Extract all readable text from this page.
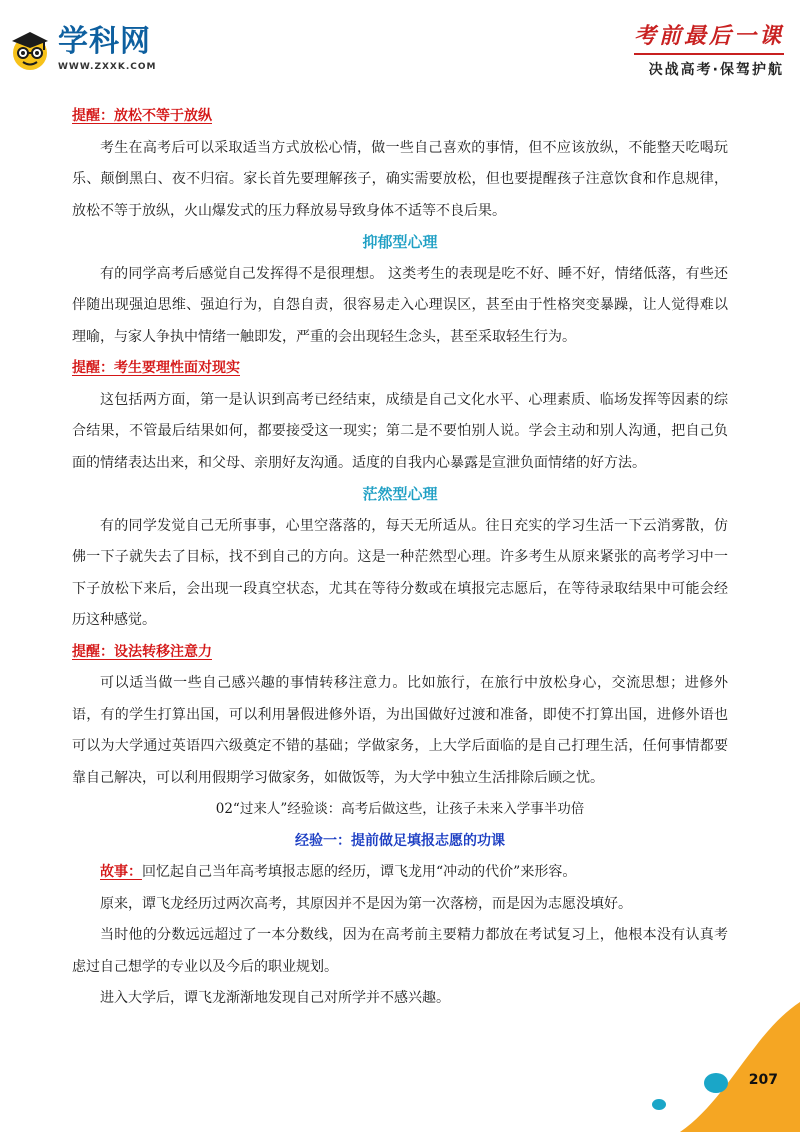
学科网
WWW.ZXXK.COM
考前最后一课
决战高考·保驾护航

提醒：放松不等于放纵

考生在高考后可以采取适当方式放松心情，做一些自己喜欢的事情，但不应该放纵，不能整天吃喝玩乐、颠倒黑白、夜不归宿。家长首先要理解孩子，确实需要放松，但也要提醒孩子注意饮食和作息规律，放松不等于放纵，火山爆发式的压力释放易导致身体不适等不良后果。

抑郁型心理

有的同学高考后感觉自己发挥得不是很理想。 这类考生的表现是吃不好、睡不好，情绪低落，有些还伴随出现强迫思维、强迫行为，自怨自责，很容易走入心理误区，甚至由于性格突变暴躁，让人觉得难以理喻，与家人争执中情绪一触即发，严重的会出现轻生念头，甚至采取轻生行为。

提醒：考生要理性面对现实

这包括两方面，第一是认识到高考已经结束，成绩是自己文化水平、心理素质、临场发挥等因素的综合结果，不管最后结果如何，都要接受这一现实；第二是不要怕别人说。学会主动和别人沟通，把自己负面的情绪表达出来，和父母、亲朋好友沟通。适度的自我内心暴露是宣泄负面情绪的好方法。

茫然型心理

有的同学发觉自己无所事事，心里空落落的，每天无所适从。往日充实的学习生活一下云消雾散，仿佛一下子就失去了目标，找不到自己的方向。这是一种茫然型心理。许多考生从原来紧张的高考学习中一下子放松下来后，会出现一段真空状态，尤其在等待分数或在填报完志愿后，在等待录取结果中可能会经历这种感觉。

提醒：设法转移注意力

可以适当做一些自己感兴趣的事情转移注意力。比如旅行，在旅行中放松身心，交流思想；进修外语，有的学生打算出国，可以利用暑假进修外语，为出国做好过渡和准备，即使不打算出国，进修外语也可以为大学通过英语四六级奠定不错的基础；学做家务，上大学后面临的是自己打理生活，任何事情都要靠自己解决，可以利用假期学习做家务，如做饭等，为大学中独立生活排除后顾之忧。

02“过来人”经验谈：高考后做这些，让孩子未来入学事半功倍

经验一：提前做足填报志愿的功课

故事：回忆起自己当年高考填报志愿的经历，谭飞龙用“冲动的代价”来形容。

原来，谭飞龙经历过两次高考，其原因并不是因为第一次落榜，而是因为志愿没填好。

当时他的分数远远超过了一本分数线，因为在高考前主要精力都放在考试复习上，他根本没有认真考虑过自己想学的专业以及今后的职业规划。

进入大学后，谭飞龙渐渐地发现自己对所学并不感兴趣。

207
